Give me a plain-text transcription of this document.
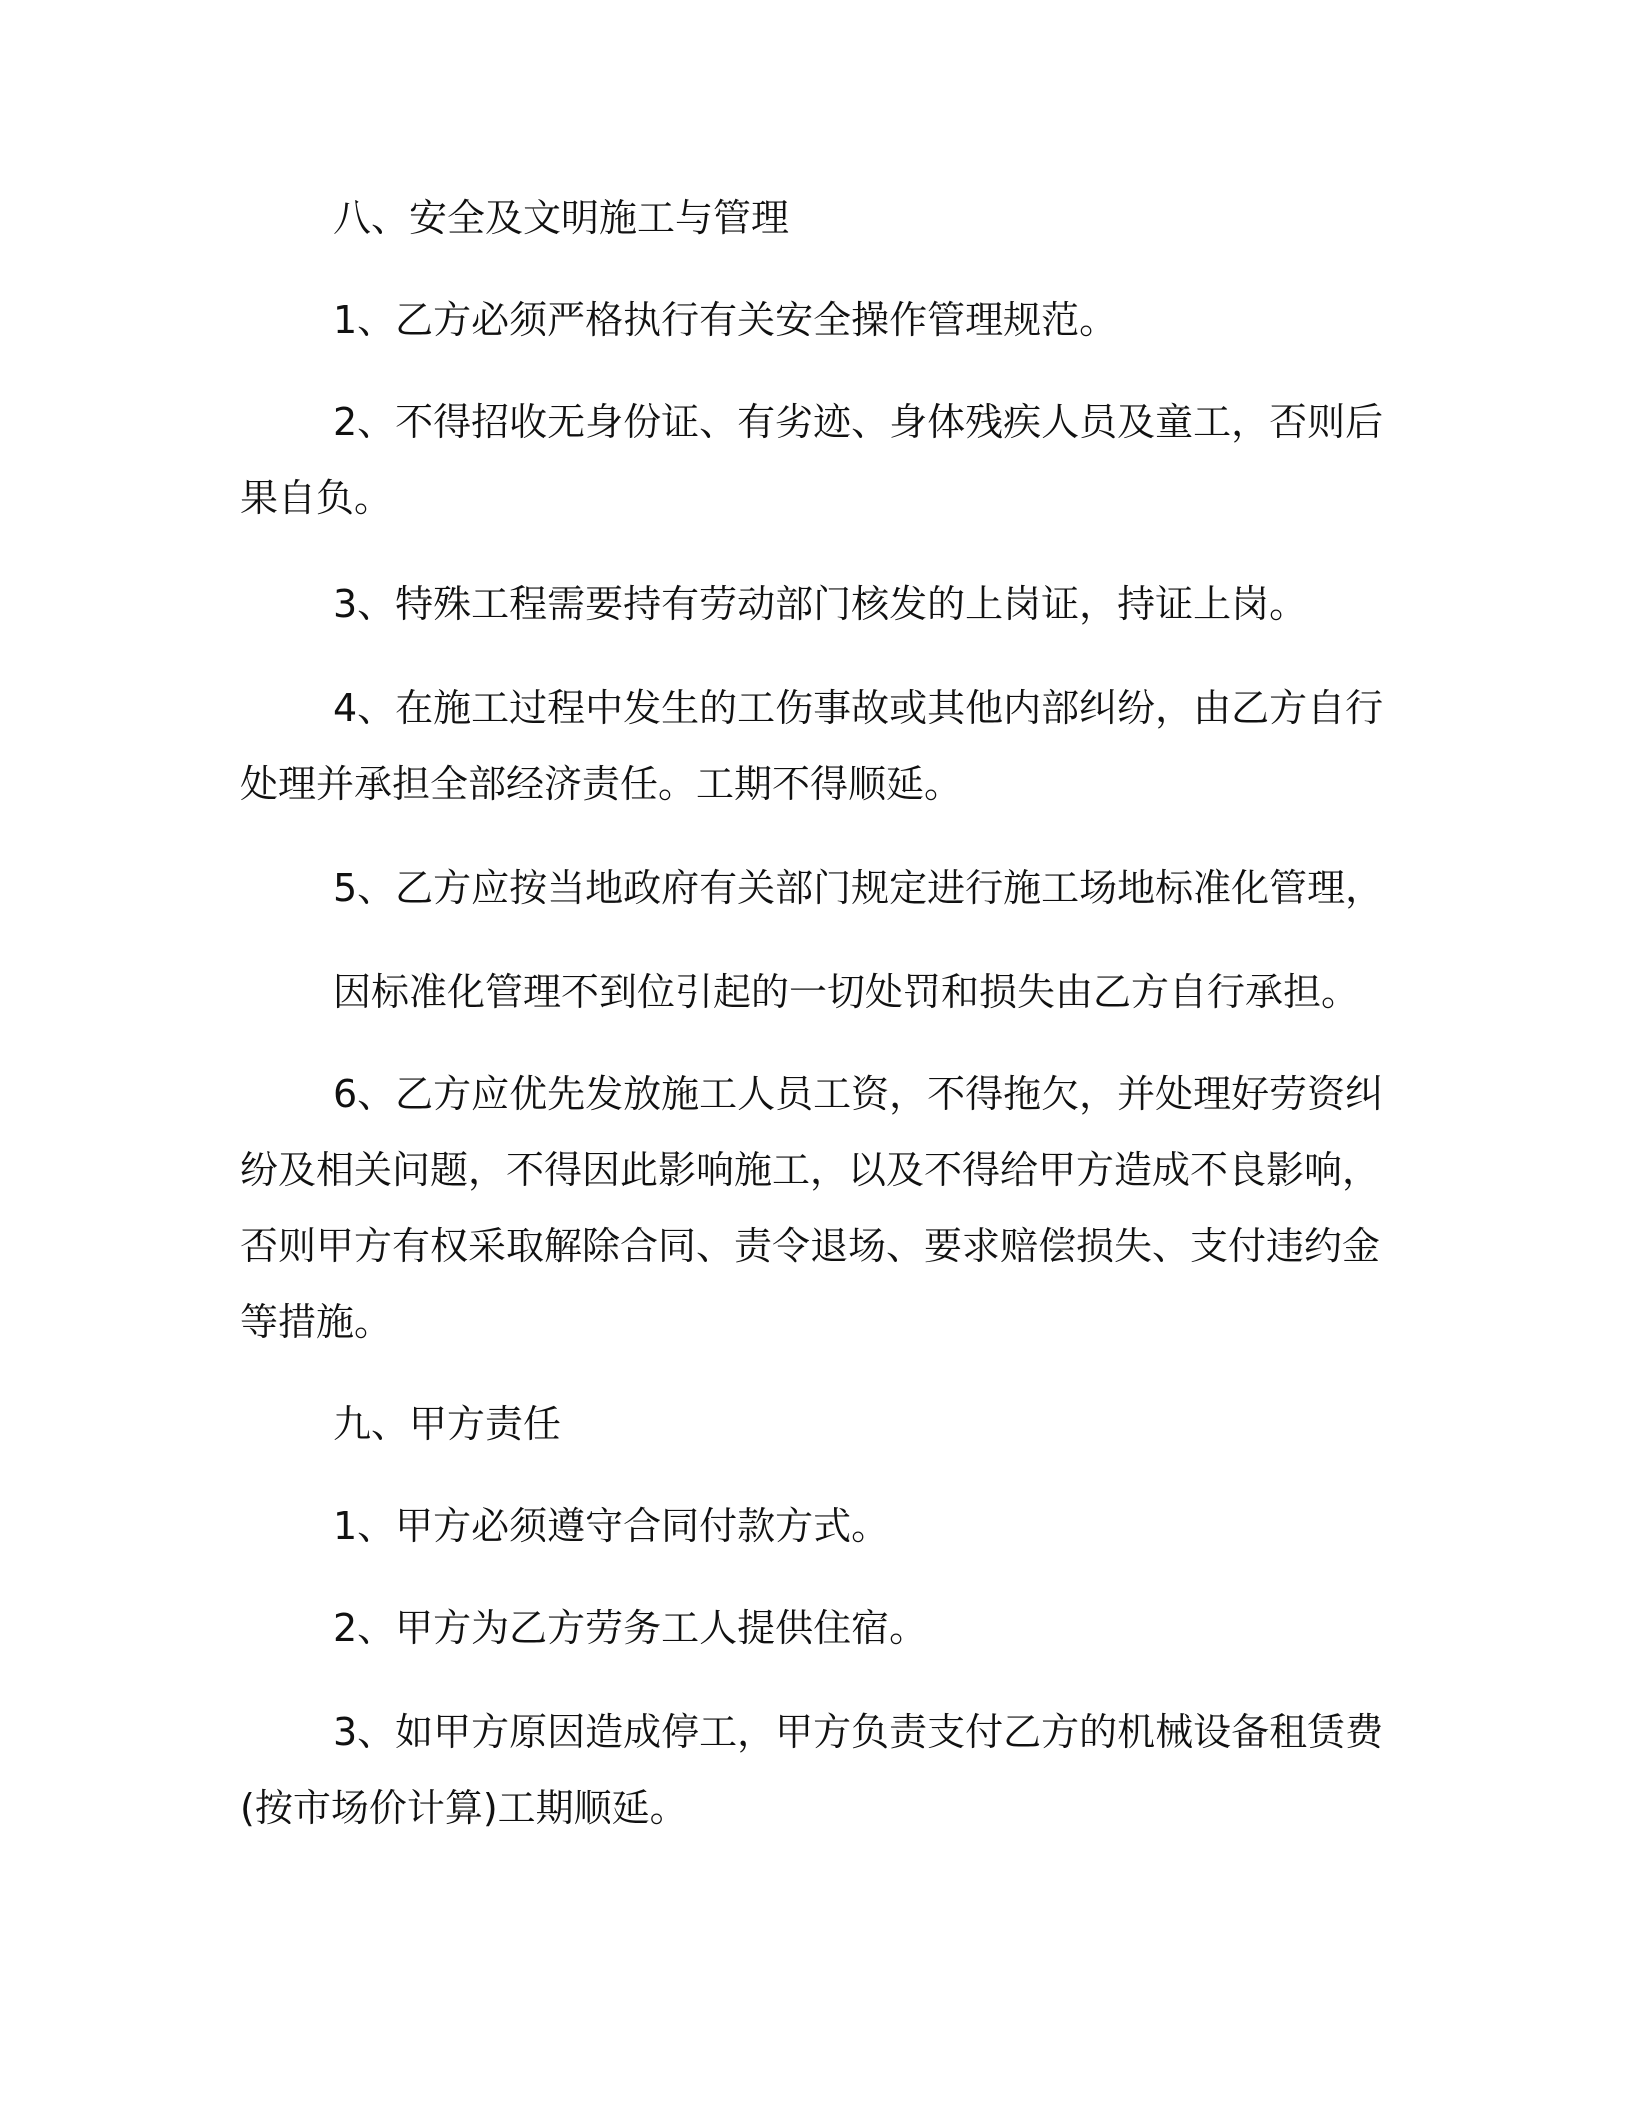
八、安全及文明施工与管理
1、乙方必须严格执行有关安全操作管理规范。
2、不得招收无身份证、有劣迹、身体残疾人员及童工，否则后
果自负。
3、特殊工程需要持有劳动部门核发的上岗证，持证上岗。
4、在施工过程中发生的工伤事故或其他内部纠纷，由乙方自行
处理并承担全部经济责任。工期不得顺延。
5、乙方应按当地政府有关部门规定进行施工场地标准化管理，
因标准化管理不到位引起的一切处罚和损失由乙方自行承担。
6、乙方应优先发放施工人员工资，不得拖欠，并处理好劳资纠
纷及相关问题，不得因此影响施工，以及不得给甲方造成不良影响，
否则甲方有权采取解除合同、责令退场、要求赔偿损失、支付违约金
等措施。
九、甲方责任
1、甲方必须遵守合同付款方式。
2、甲方为乙方劳务工人提供住宿。
3、如甲方原因造成停工，甲方负责支付乙方的机械设备租赁费
(按市场价计算)工期顺延。
